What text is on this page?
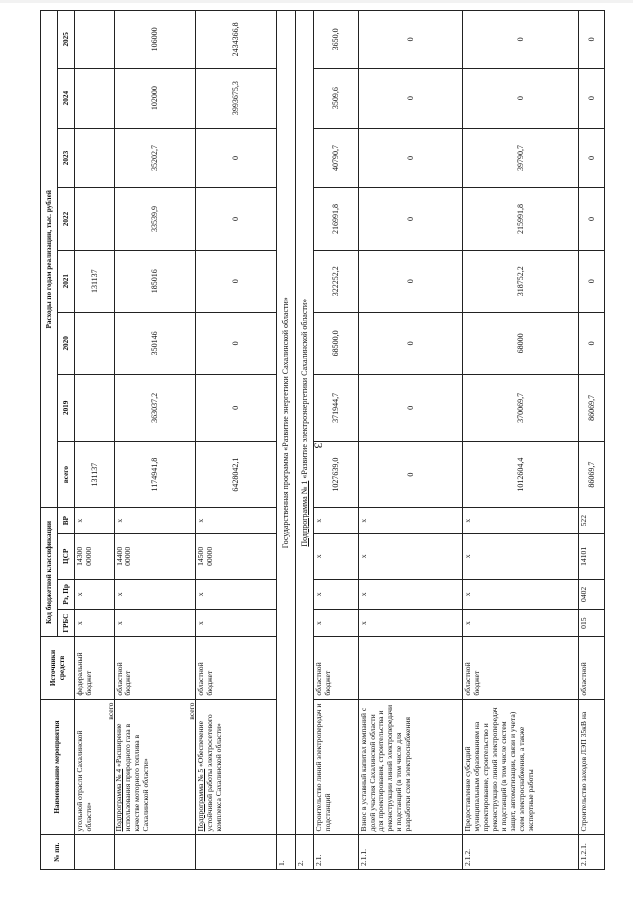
3
№ пп.	Наименование мероприятия	Источники средств	Код бюджетной классификации				Расходы по годам реализации, тыс. рублей							
							всего	2019	2020	2021	2022	2023	2024	2025
			ГРБС	Рз, Пр	ЦСР	ВР								
	угольной отрасли Сахалинской области»	федеральный бюджет	х	х	14300 00000	х	131137			131137				

	всего
Подпрограмма № 4 «Расширение использования природного газа в качестве моторного топлива в Сахалинской области»	областной бюджет	х	х	14400 00000	х	1174941,8	363037,2	350146	185016	33539,9	35202,7	102000	106000

	всего
Подпрограмма № 5 «Обеспечение устойчивой работы электросетевого комплекса Сахалинской области»	областной бюджет	х	х	14500 00000	х	6428042,1	0	0	0	0	0	3993675,3	2434366,8
1.	Государственная программа «Развитие энергетики Сахалинской области»													
2.	Подпрограмма № 1 «Развитие электроэнергетики Сахалинской области»													
2.1.	Строительство линий электропередач и подстанций	областной бюджет	х	х	х	х	1027639,0	371944,7	68500,0	322252,2	216991,8	40790,7	3509,6	3650,0
2.1.1.	Взнос в уставный капитал компаний с долей участия Сахалинской области для проектирования, строительства и реконструкции линий электропередачи и подстанций (в том числе для разработки схем электроснабжения		х	х	х	х	0	0	0	0	0	0	0	0
2.1.2.	Предоставление субсидий муниципальным образованиям на проектирование, строительство и реконструкцию линий электропередач и подстанций (в том числе систем защит, автоматизации, связи и учета) схем электроснабжения, а также экспертные работы	областной бюджет	х	х	х	х	1012604,4	370069,7	68000	318752,2	215991,8	39790,7	0	0
2.1.2.1.	Строительство заходов ЛЭП 35кВ на	областной	015	0402	14101	522	86069,7	86069,7	0	0	0	0	0	0
